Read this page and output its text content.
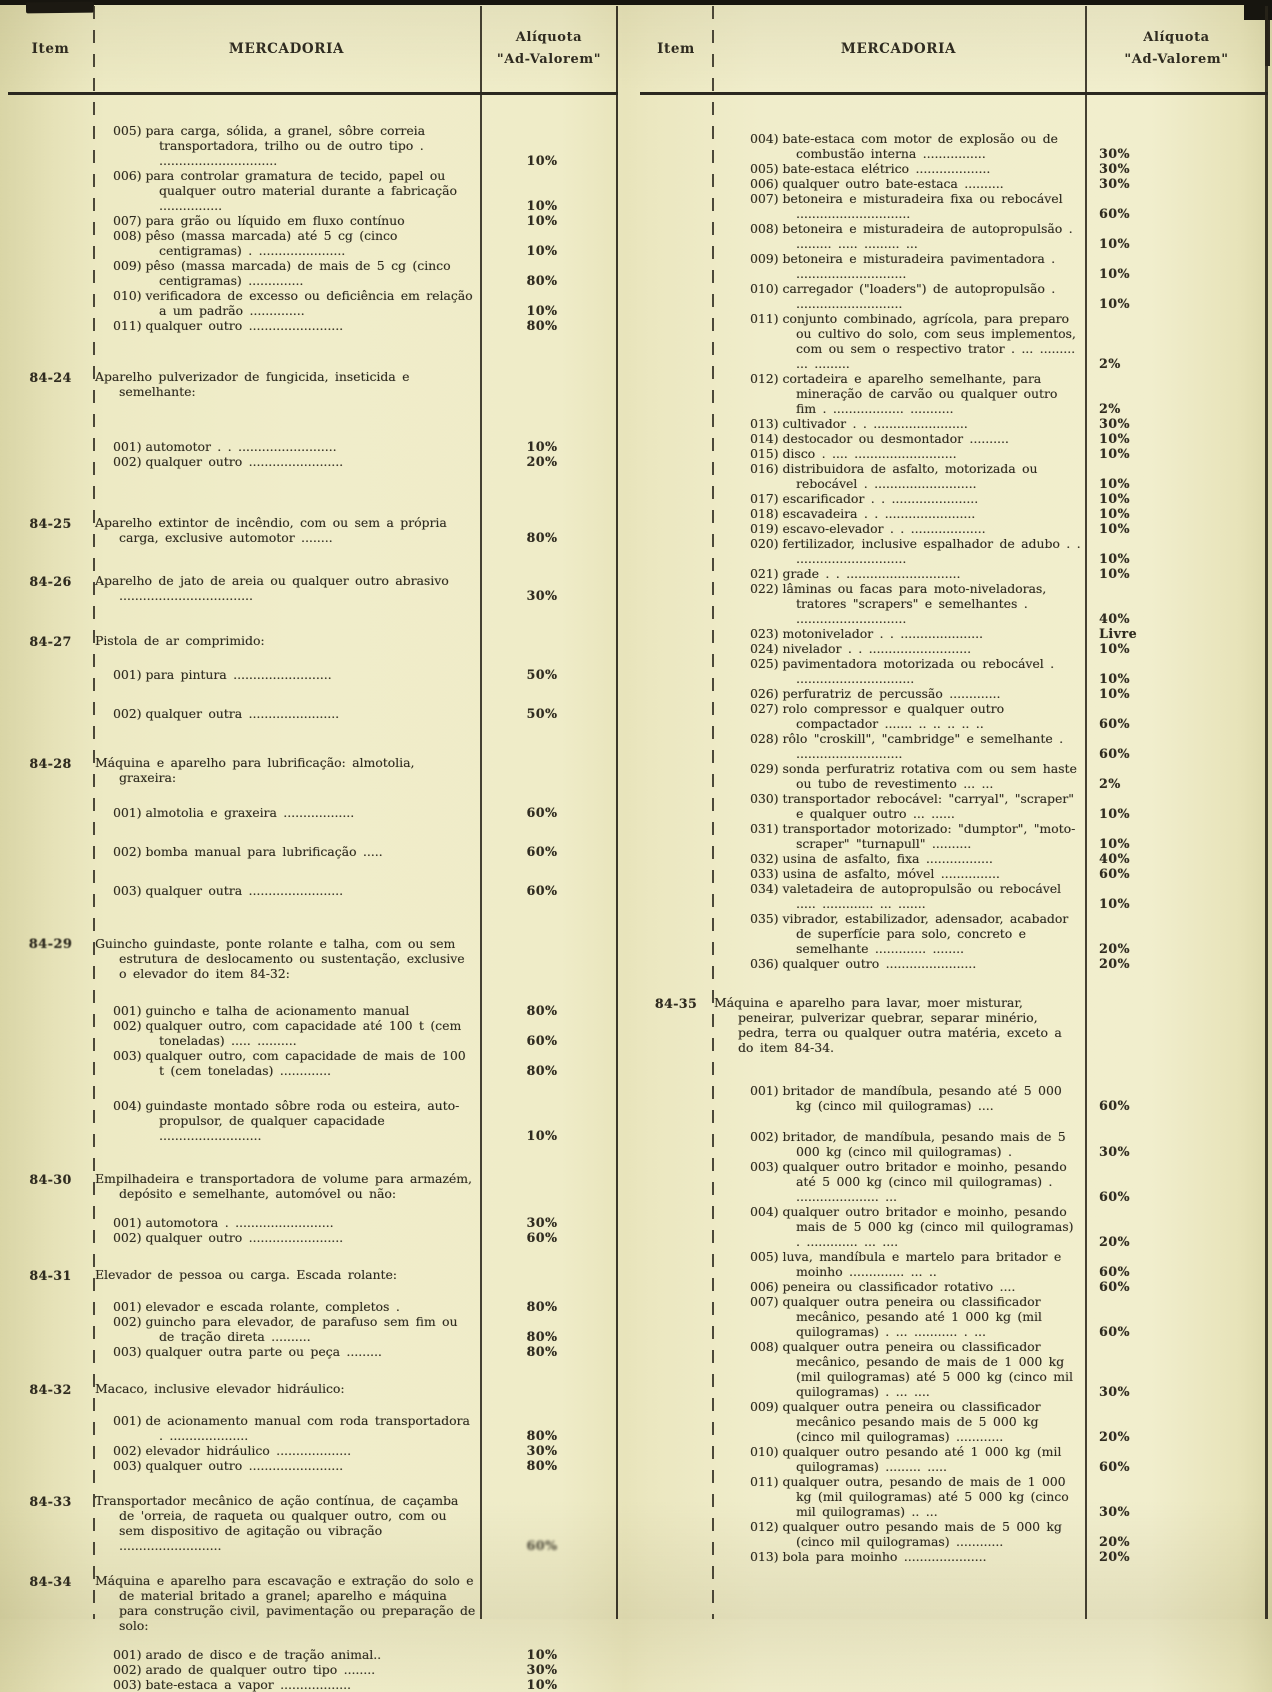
Item	MERCADORIA
Alíquota
"Ad-Valorem"
005) para carga, sólida, a granel, sôbre correia transportadora, trilho ou de outro tipo . ..............................	10%
006) para controlar gramatura de tecido, papel ou qualquer outro material durante a fabricação ................	10%
007) para grão ou líquido em fluxo contínuo	10%
008) pêso (massa marcada) até 5 cg (cinco centigramas) . ......................	10%
009) pêso (massa marcada) de mais de 5 cg (cinco centigramas) ..............	80%
010) verificadora de excesso ou deficiência em relação a um padrão ..............	10%
011) qualquer outro ........................	80%
84-24	Aparelho pulverizador de fungicida, inseticida e semelhante:
001) automotor . . .........................	10%
002) qualquer outro ........................	20%
84-25	Aparelho extintor de incêndio, com ou sem a própria carga, exclusive automotor ........	80%
84-26	Aparelho de jato de areia ou qualquer outro abrasivo ..................................	30%
84-27	Pistola de ar comprimido:
001) para pintura .........................	50%
002) qualquer outra .......................	50%
84-28	Máquina e aparelho para lubrificação: almotolia, graxeira:
001) almotolia e graxeira ..................	60%
002) bomba manual para lubrificação .....	60%
003) qualquer outra ........................	60%
84-29	Guincho guindaste, ponte rolante e talha, com ou sem estrutura de deslocamento ou sustentação, exclusive o elevador do item 84-32:
001) guincho e talha de acionamento manual	80%
002) qualquer outro, com capacidade até 100 t (cem toneladas) ..... ..........	60%
003) qualquer outro, com capacidade de mais de 100 t (cem toneladas) .............	80%
004) guindaste montado sôbre roda ou esteira, auto-propulsor, de qualquer capacidade ..........................	10%
84-30	Empilhadeira e transportadora de volume para armazém, depósito e semelhante, automóvel ou não:
001) automotora . .........................	30%
002) qualquer outro ........................	60%
84-31	Elevador de pessoa ou carga. Escada rolante:
001) elevador e escada rolante, completos .	80%
002) guincho para elevador, de parafuso sem fim ou de tração direta ..........	80%
003) qualquer outra parte ou peça .........	80%
84-32	Macaco, inclusive elevador hidráulico:
001) de acionamento manual com roda transportadora . ....................	80%
002) elevador hidráulico ...................	30%
003) qualquer outro ........................	80%
84-33	Transportador mecânico de ação contínua, de caçamba de 'orreia, de raqueta ou qualquer outro, com ou sem dispositivo de agitação ou vibração ..........................	60%
84-34	Máquina e aparelho para escavação e extração do solo e de material britado a granel; aparelho e máquina para construção civil, pavimentação ou preparação de solo:
001) arado de disco e de tração animal..	10%
002) arado de qualquer outro tipo ........	30%
003) bate-estaca a vapor ..................	10%
Item	MERCADORIA
Alíquota
"Ad-Valorem"
004) bate-estaca com motor de explosão ou de combustão interna ................	30%
005) bate-estaca elétrico ...................	30%
006) qualquer outro bate-estaca ..........	30%
007) betoneira e misturadeira fixa ou rebocável .............................	60%
008) betoneira e misturadeira de autopropulsão . ......... ..... ......... ...	10%
009) betoneira e misturadeira pavimentadora . ............................	10%
010) carregador ("loaders") de autopropulsão . ...........................	10%
011) conjunto combinado, agrícola, para preparo ou cultivo do solo, com seus implementos, com ou sem o respectivo trator . ... ......... ... .........	2%
012) cortadeira e aparelho semelhante, para mineração de carvão ou qualquer outro fim . .................. ...........	2%
013) cultivador . . ........................	30%
014) destocador ou desmontador ..........	10%
015) disco . .... ..........................	10%
016) distribuidora de asfalto, motorizada ou rebocável . ..........................	10%
017) escarificador . . ......................	10%
018) escavadeira . . .......................	10%
019) escavo-elevador . . ...................	10%
020) fertilizador, inclusive espalhador de adubo . . ............................	10%
021) grade . . .............................	10%
022) lâminas ou facas para moto-niveladoras, tratores "scrapers" e semelhantes . ............................	40%
023) motonivelador . . .....................	Livre
024) nivelador . . ..........................	10%
025) pavimentadora motorizada ou rebocável . ..............................	10%
026) perfuratriz de percussão .............	10%
027) rolo compressor e qualquer outro compactador ....... .. .. .. .. ..	60%
028) rôlo "croskill", "cambridge" e semelhante . ...........................	60%
029) sonda perfuratriz rotativa com ou sem haste ou tubo de revestimento ... ...	2%
030) transportador rebocável: "carryal", "scraper" e qualquer outro ... ......	10%
031) transportador motorizado: "dumptor", "moto-scraper" "turnapull" ..........	10%
032) usina de asfalto, fixa .................	40%
033) usina de asfalto, móvel ...............	60%
034) valetadeira de autopropulsão ou rebocável ..... ............. ... .......	10%
035) vibrador, estabilizador, adensador, acabador de superfície para solo, concreto e semelhante ............. ........	20%
036) qualquer outro .......................	20%
84-35	Máquina e aparelho para lavar, moer misturar, peneirar, pulverizar quebrar, separar minério, pedra, terra ou qualquer outra matéria, exceto a do item 84-34.
001) britador de mandíbula, pesando até 5 000 kg (cinco mil quilogramas) ....	60%
002) britador, de mandíbula, pesando mais de 5 000 kg (cinco mil quilogramas) .	30%
003) qualquer outro britador e moinho, pesando até 5 000 kg (cinco mil quilogramas) . ..................... ...	60%
004) qualquer outro britador e moinho, pesando mais de 5 000 kg (cinco mil quilogramas) . ............. ... ....	20%
005) luva, mandíbula e martelo para britador e moinho .............. ... ..	60%
006) peneira ou classificador rotativo ....	60%
007) qualquer outra peneira ou classificador mecânico, pesando até 1 000 kg (mil quilogramas) . ... ........... . ...	60%
008) qualquer outra peneira ou classificador mecânico, pesando de mais de 1 000 kg (mil quilogramas) até 5 000 kg (cinco mil quilogramas) . ... ....	30%
009) qualquer outra peneira ou classificador mecânico pesando mais de 5 000 kg (cinco mil quilogramas) ............	20%
010) qualquer outro pesando até 1 000 kg (mil quilogramas) ......... .....	60%
011) qualquer outra, pesando de mais de 1 000 kg (mil quilogramas) até 5 000 kg (cinco mil quilogramas) .. ...	30%
012) qualquer outro pesando mais de 5 000 kg (cinco mil quilogramas) ............	20%
013) bola para moinho .....................	20%
